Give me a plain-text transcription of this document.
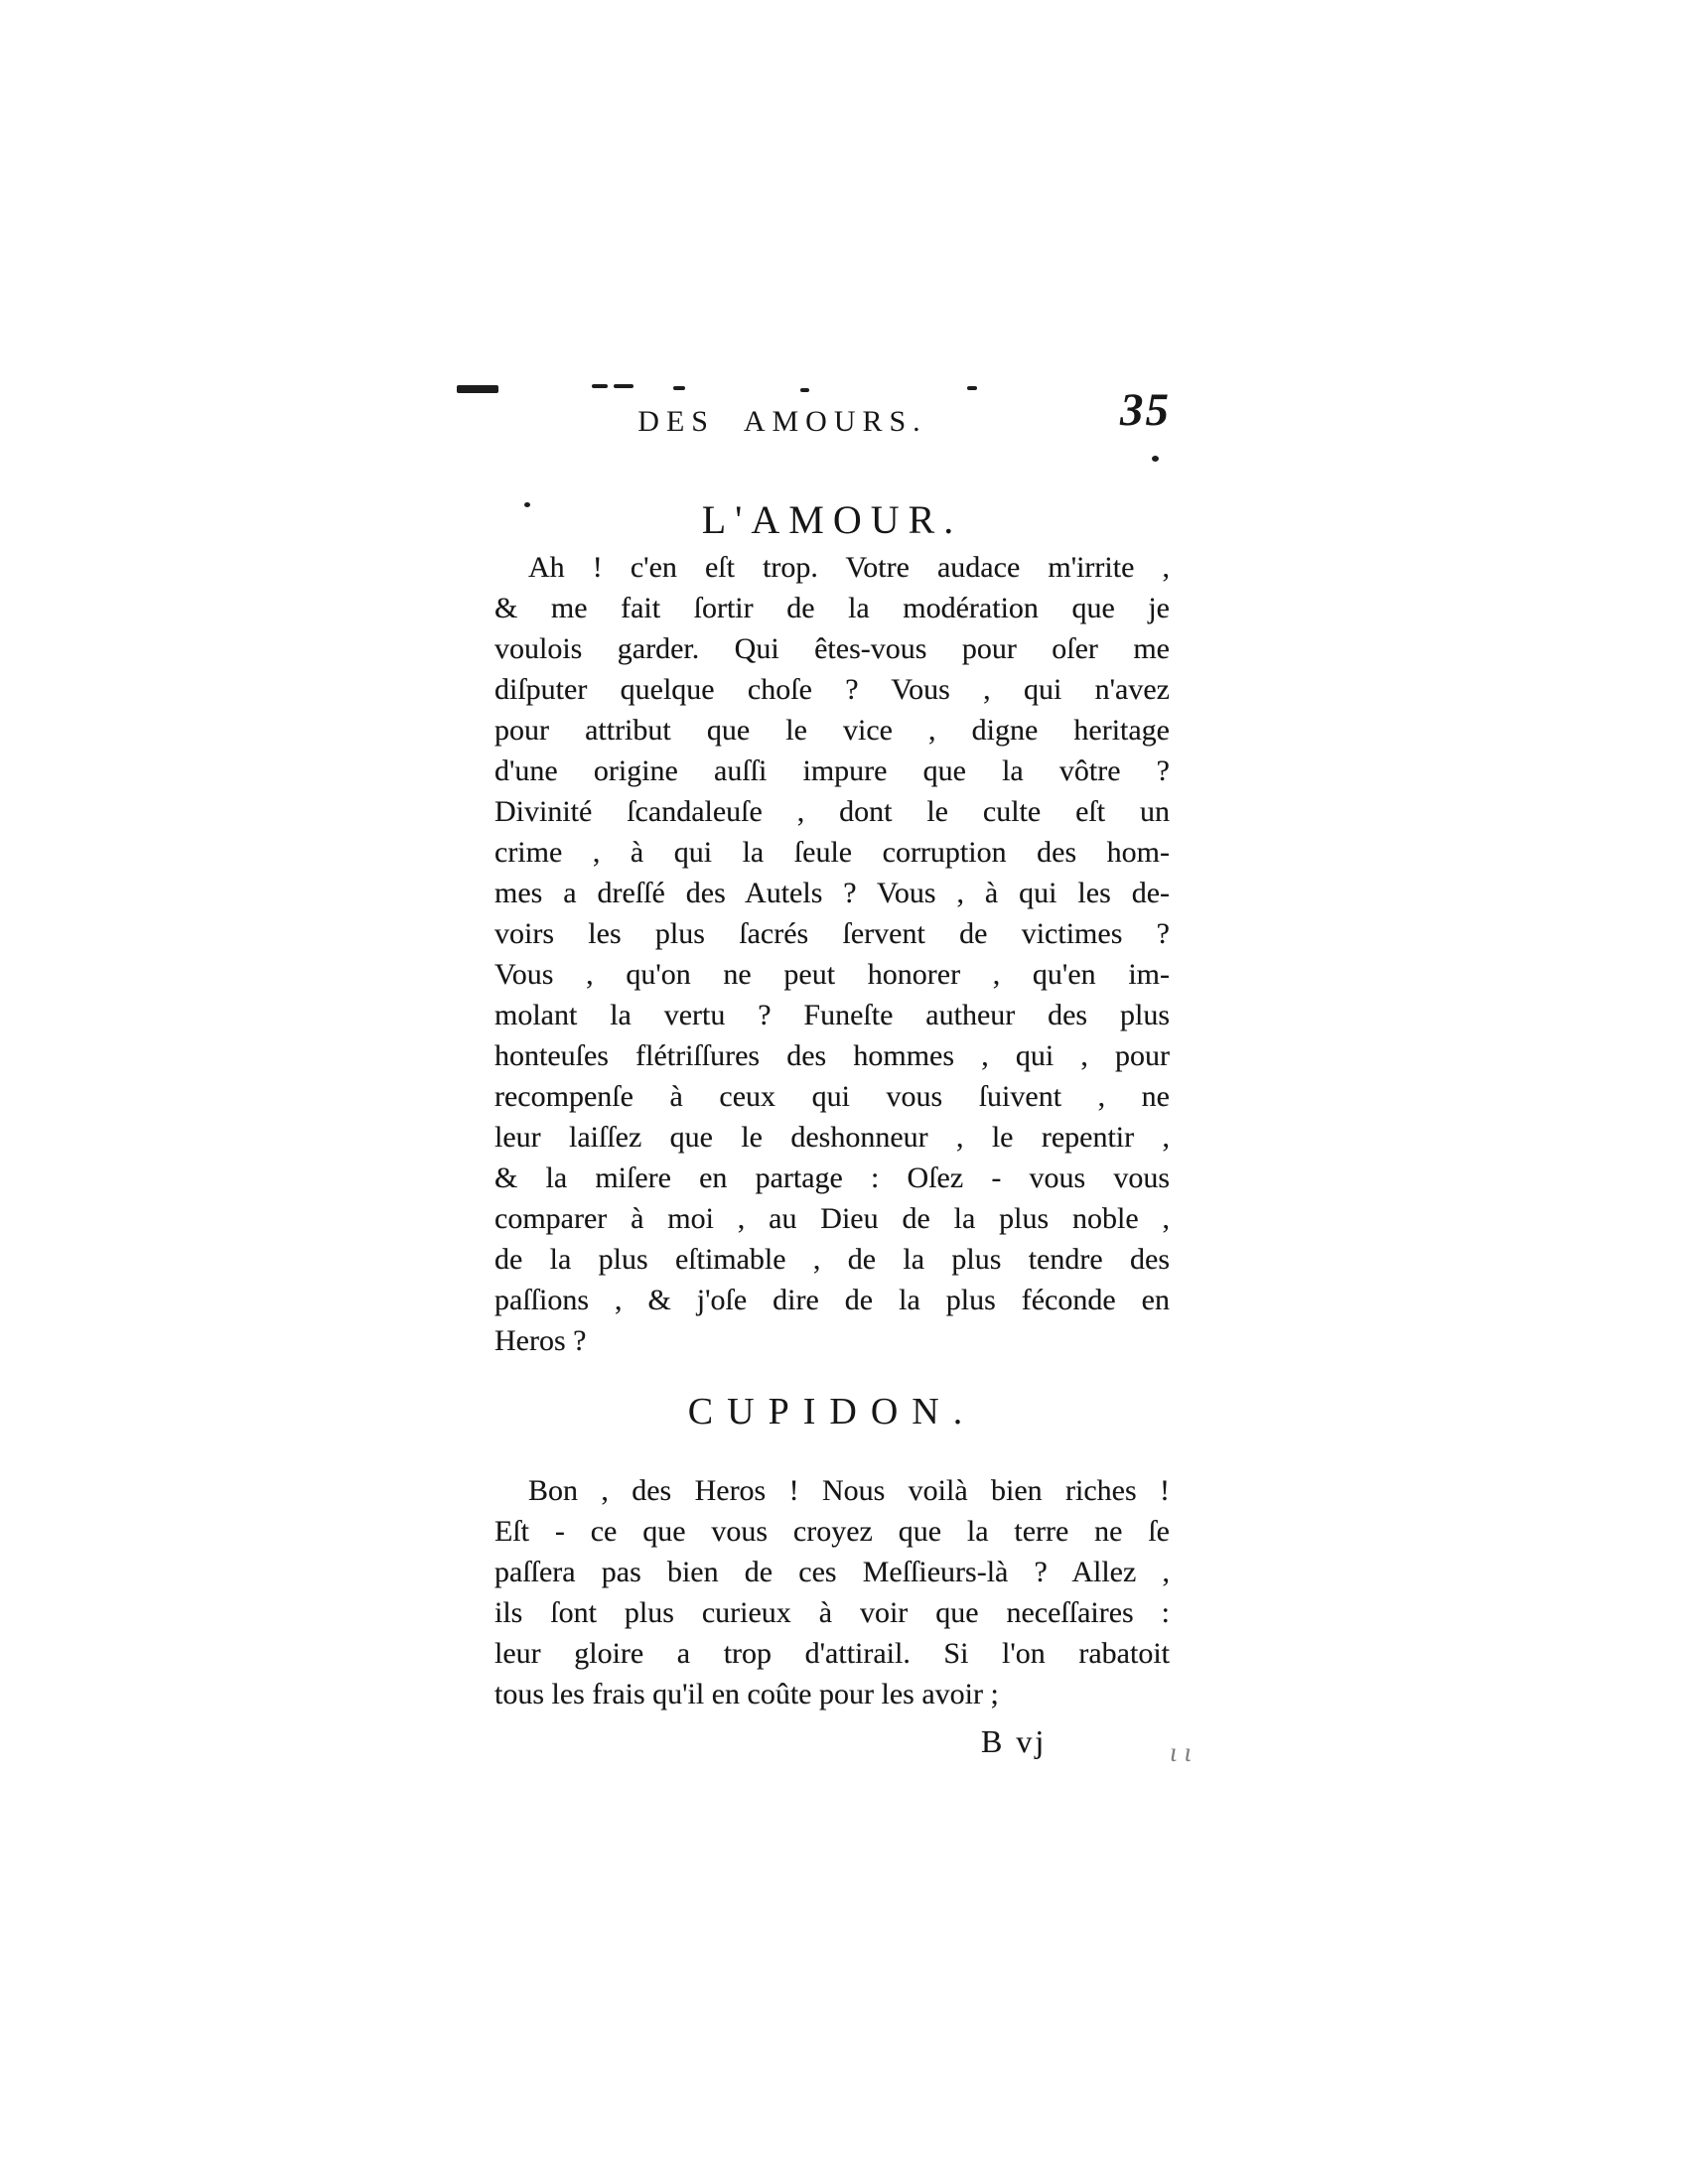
DES AMOURS.	35
L'AMOUR.
Ah ! c'en eſt trop. Votre audace m'irrite ,
& me fait ſortir de la modération que je
voulois garder. Qui êtes-vous pour oſer me
diſputer quelque choſe ? Vous , qui n'avez
pour attribut que le vice , digne heritage
d'une origine auſſi impure que la vôtre ?
Divinité ſcandaleuſe , dont le culte eſt un
crime , à qui la ſeule corruption des hom-
mes a dreſſé des Autels ? Vous , à qui les de-
voirs les plus ſacrés ſervent de victimes ?
Vous , qu'on ne peut honorer , qu'en im-
molant la vertu ? Funeſte autheur des plus
honteuſes flétriſſures des hommes , qui , pour
recompenſe à ceux qui vous ſuivent , ne
leur laiſſez que le deshonneur , le repentir ,
& la miſere en partage : Oſez - vous vous
comparer à moi , au Dieu de la plus noble ,
de la plus eſtimable , de la plus tendre des
paſſions , & j'oſe dire de la plus féconde en
Heros ?
CUPIDON.
Bon , des Heros ! Nous voilà bien riches !
Eſt - ce que vous croyez que la terre ne ſe
paſſera pas bien de ces Meſſieurs-là ? Allez ,
ils ſont plus curieux à voir que neceſſaires :
leur gloire a trop d'attirail. Si l'on rabatoit
tous les frais qu'il en coûte pour les avoir ;
B vj	ɩɩ
